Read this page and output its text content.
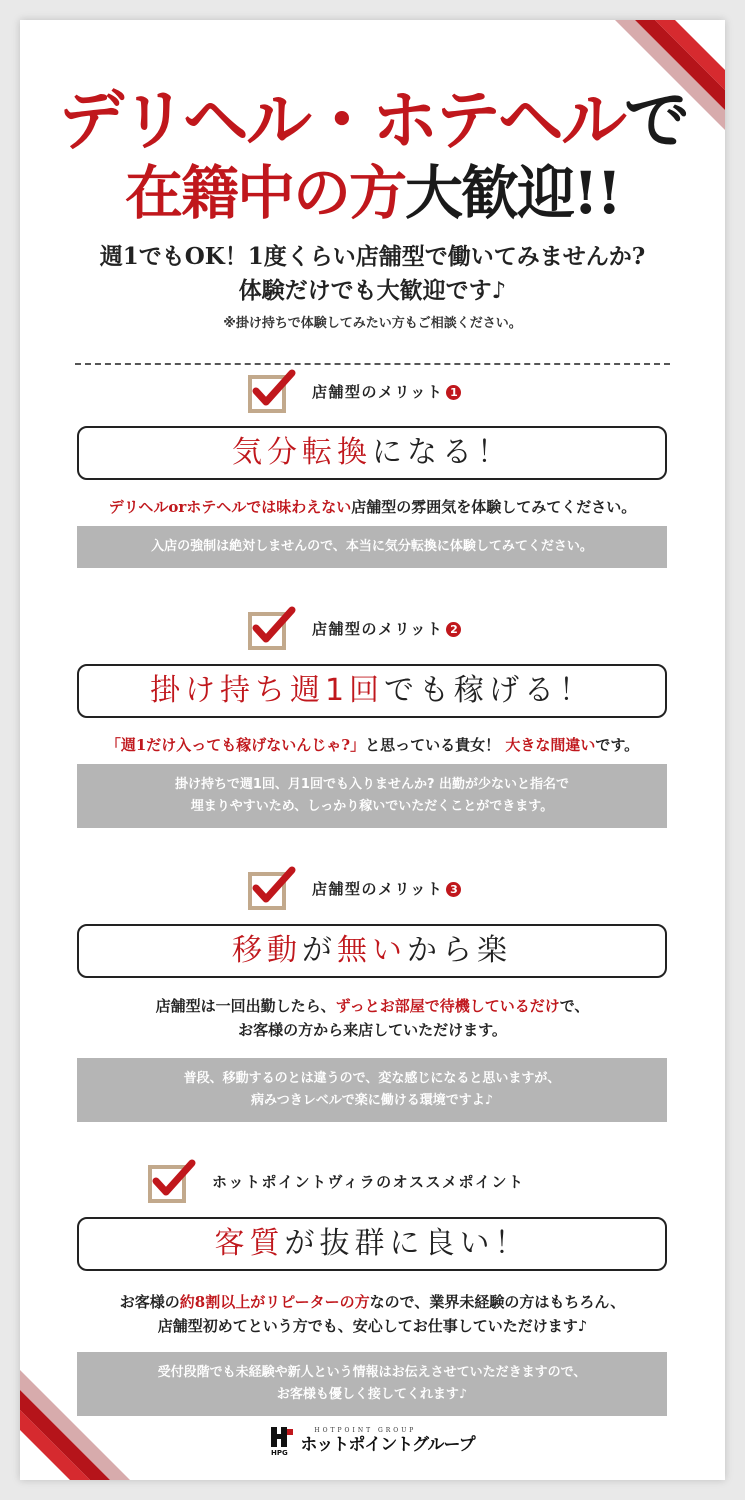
デリヘル・ホテヘルで
在籍中の方大歓迎!!
週1でもOK！1度くらい店舗型で働いてみませんか?
体験だけでも大歓迎です♪
※掛け持ちで体験してみたい方もご相談ください。
店舗型のメリット 1
気分転換になる！
デリヘルorホテヘルでは味わえない店舗型の雰囲気を体験してみてください。
入店の強制は絶対しませんので、本当に気分転換に体験してみてください。
店舗型のメリット 2
掛け持ち週1回でも稼げる！
「週1だけ入っても稼げないんじゃ?」と思っている貴女！ 大きな間違いです。
掛け持ちで週1回、月1回でも入りませんか? 出勤が少ないと指名で
埋まりやすいため、しっかり稼いでいただくことができます。
店舗型のメリット 3
移動が無いから楽
店舗型は一回出勤したら、ずっとお部屋で待機しているだけで、
お客様の方から来店していただけます。
普段、移動するのとは違うので、変な感じになると思いますが、
病みつきレベルで楽に働ける環境ですよ♪
ホットポイントヴィラのオススメポイント
客質が抜群に良い！
お客様の約8割以上がリピーターの方なので、業界未経験の方はもちろん、
店舗型初めてという方でも、安心してお仕事していただけます♪
受付段階でも未経験や新人という情報はお伝えさせていただきますので、
お客様も優しく接してくれます♪
HPG
HOTPOINT GROUP
ホットポイントグループ
